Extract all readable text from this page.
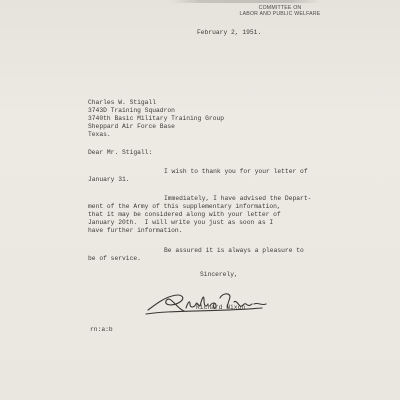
COMMITTEE ON
LABOR AND PUBLIC WELFARE
February 2, 1951.
Charles W. Stigall
3743D Training Squadron
3740th Basic Military Training Group
Sheppard Air Force Base
Texas.
Dear Mr. Stigall:
I wish to thank you for your letter of
January 31.
Immediately, I have advised the Depart-
ment of the Army of this supplementary information,
that it may be considered along with your letter of
January 20th.  I will write you just as soon as I
have further information.
Be assured it is always a pleasure to
be of service.
Sincerely,
Richard Nixon
rn:a:b
